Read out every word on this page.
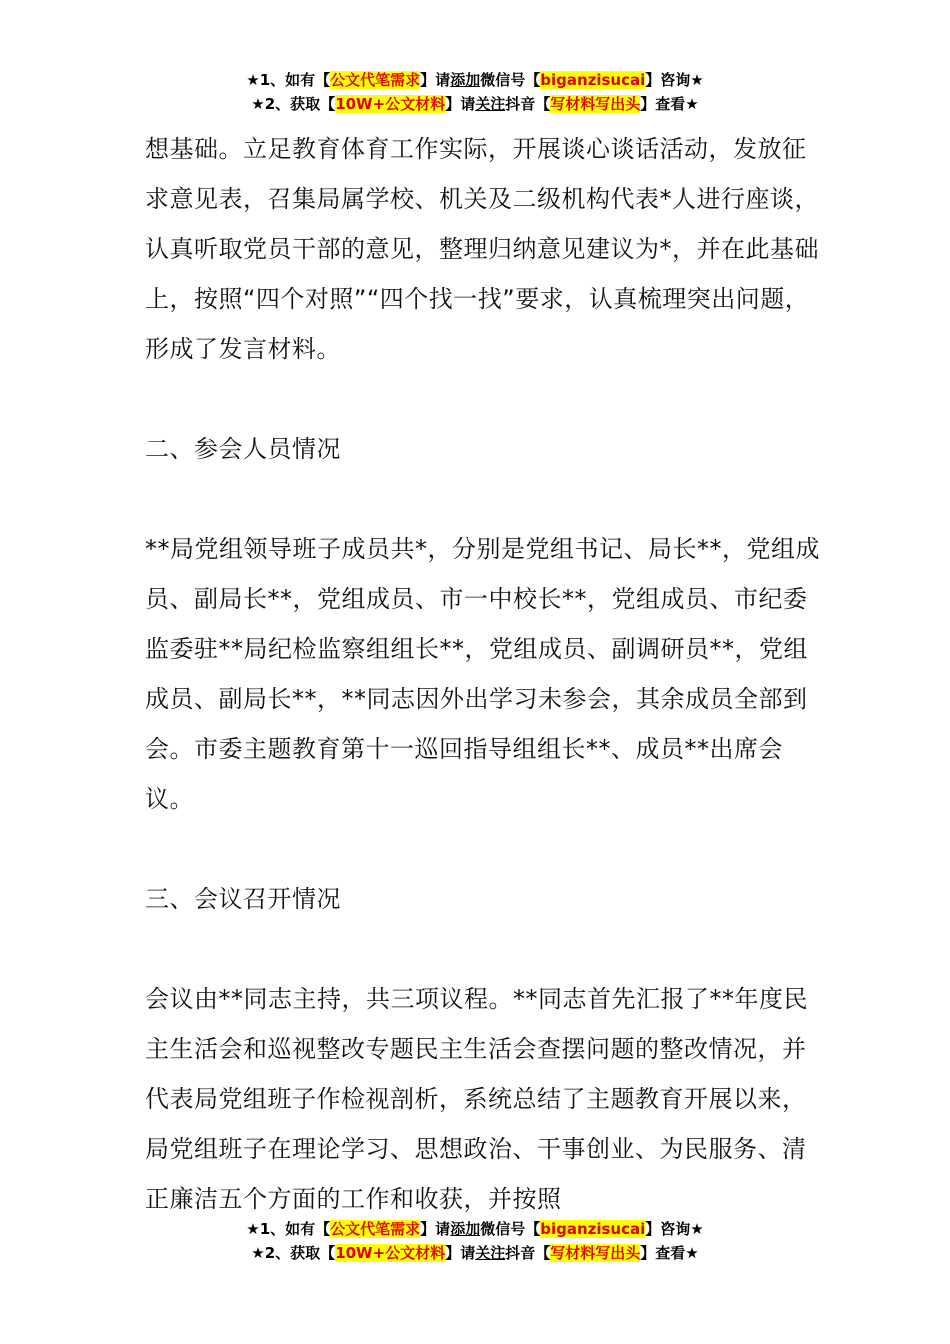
★1、如有【公文代笔需求】请添加微信号【biganzisucai】咨询★
★2、获取【10W+公文材料】请关注抖音【写材料写出头】查看★

想基础。立足教育体育工作实际，开展谈心谈话活动，发放征求意见表，召集局属学校、机关及二级机构代表*人进行座谈，认真听取党员干部的意见，整理归纳意见建议为*，并在此基础上，按照“四个对照”“四个找一找”要求，认真梳理突出问题，形成了发言材料。

二、参会人员情况

**局党组领导班子成员共*，分别是党组书记、局长**，党组成员、副局长**，党组成员、市一中校长**，党组成员、市纪委监委驻**局纪检监察组组长**，党组成员、副调研员**，党组成员、副局长**，**同志因外出学习未参会，其余成员全部到会。市委主题教育第十一巡回指导组组长**、成员**出席会议。

三、会议召开情况

会议由**同志主持，共三项议程。**同志首先汇报了**年度民主生活会和巡视整改专题民主生活会查摆问题的整改情况，并代表局党组班子作检视剖析，系统总结了主题教育开展以来，局党组班子在理论学习、思想政治、干事创业、为民服务、清正廉洁五个方面的工作和收获，并按照

★1、如有【公文代笔需求】请添加微信号【biganzisucai】咨询★
★2、获取【10W+公文材料】请关注抖音【写材料写出头】查看★
